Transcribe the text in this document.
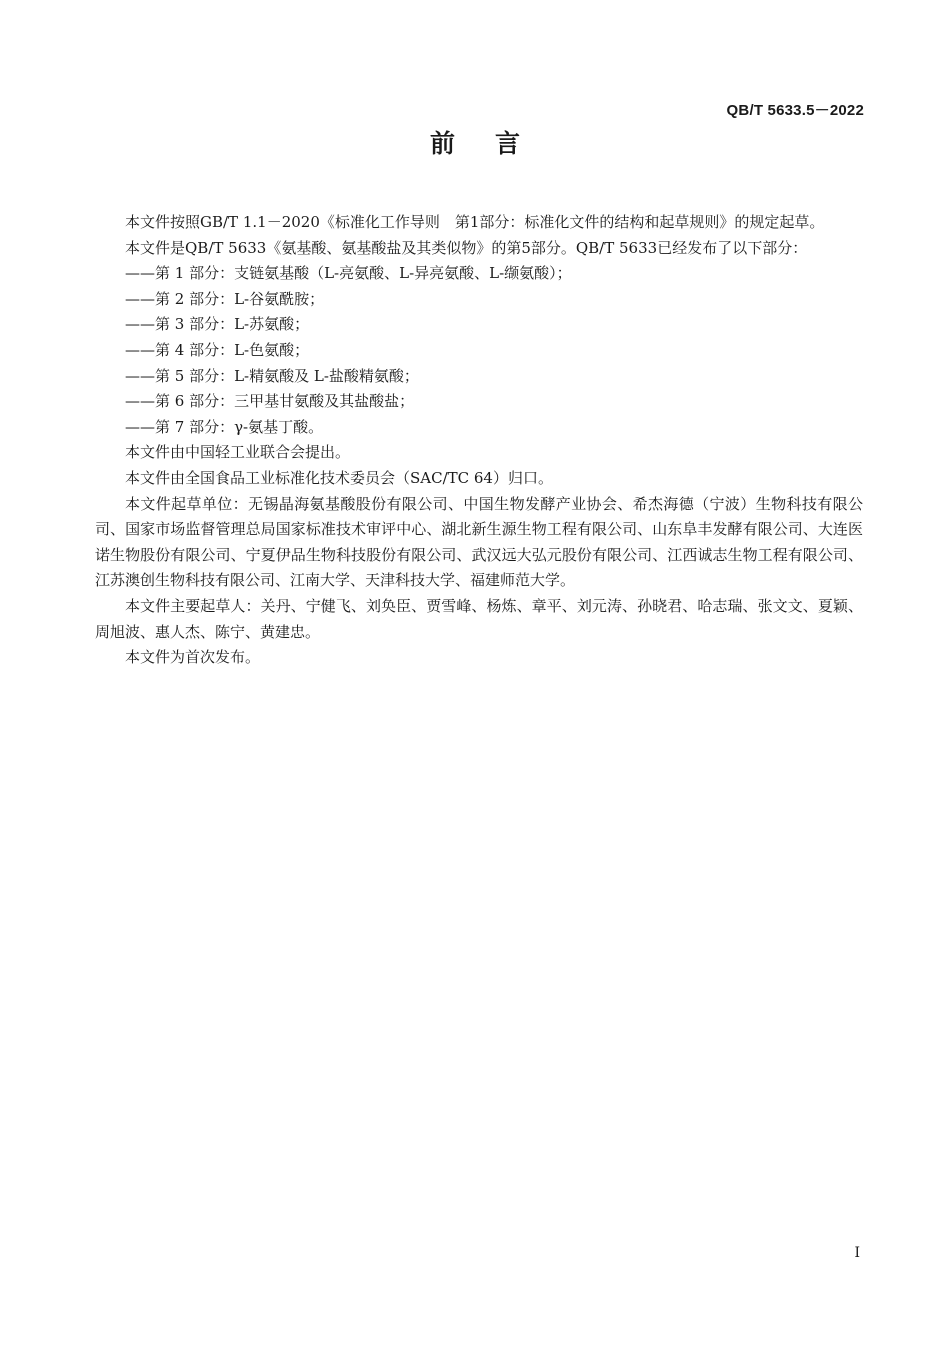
QB/T 5633.5－2022
前言

本文件按照GB/T 1.1－2020《标准化工作导则　第1部分：标准化文件的结构和起草规则》的规定起草。

本文件是QB/T 5633《氨基酸、氨基酸盐及其类似物》的第5部分。QB/T 5633已经发布了以下部分：

——第 1 部分：支链氨基酸（L-亮氨酸、L-异亮氨酸、L-缬氨酸）；

——第 2 部分：L-谷氨酰胺；

——第 3 部分：L-苏氨酸；

——第 4 部分：L-色氨酸；

——第 5 部分：L-精氨酸及 L-盐酸精氨酸；

——第 6 部分：三甲基甘氨酸及其盐酸盐；

——第 7 部分：γ-氨基丁酸。

本文件由中国轻工业联合会提出。

本文件由全国食品工业标准化技术委员会（SAC/TC 64）归口。

本文件起草单位：无锡晶海氨基酸股份有限公司、中国生物发酵产业协会、希杰海德（宁波）生物科技有限公司、国家市场监督管理总局国家标准技术审评中心、湖北新生源生物工程有限公司、山东阜丰发酵有限公司、大连医诺生物股份有限公司、宁夏伊品生物科技股份有限公司、武汉远大弘元股份有限公司、江西诚志生物工程有限公司、江苏澳创生物科技有限公司、江南大学、天津科技大学、福建师范大学。

本文件主要起草人：关丹、宁健飞、刘奂臣、贾雪峰、杨炼、章平、刘元涛、孙晓君、哈志瑞、张文文、夏颖、周旭波、惠人杰、陈宁、黄建忠。

本文件为首次发布。

I
